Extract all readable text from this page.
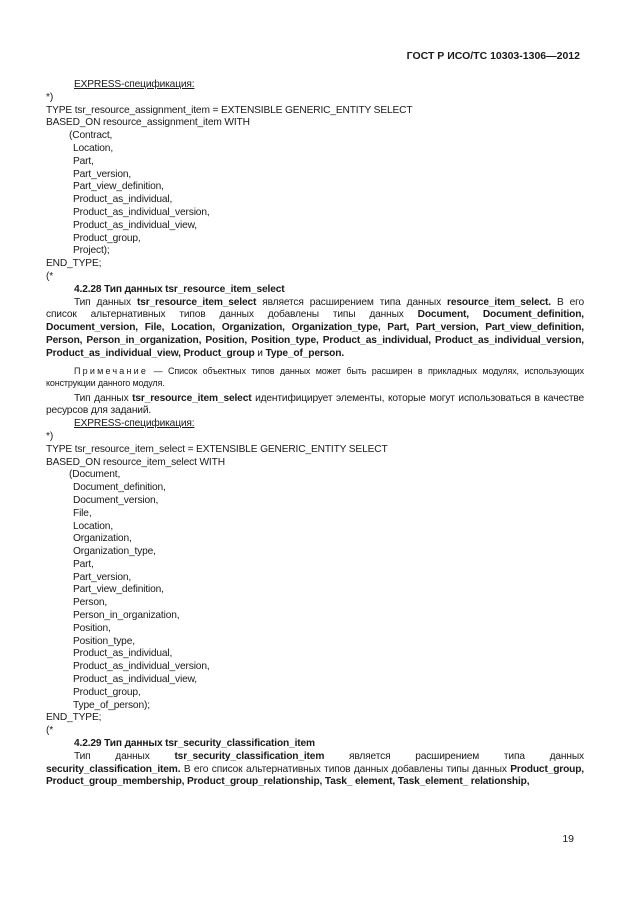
ГОСТ Р ИСО/ТС 10303-1306—2012
EXPRESS-спецификация:
*)
TYPE tsr_resource_assignment_item = EXTENSIBLE GENERIC_ENTITY SELECT
BASED_ON resource_assignment_item WITH
(Contract,
Location,
Part,
Part_version,
Part_view_definition,
Product_as_individual,
Product_as_individual_version,
Product_as_individual_view,
Product_group,
Project);
END_TYPE;
(*
4.2.28 Тип данных tsr_resource_item_select
Тип данных tsr_resource_item_select является расширением типа данных resource_item_select. В его список альтернативных типов данных добавлены типы данных Document, Document_definition, Document_version, File, Location, Organization, Organization_type, Part, Part_version, Part_view_definition, Person, Person_in_organization, Position, Position_type, Product_as_individual, Product_as_individual_version, Product_as_individual_view, Product_group и Type_of_person.
Примечание — Список объектных типов данных может быть расширен в прикладных модулях, использующих конструкции данного модуля.
Тип данных tsr_resource_item_select идентифицирует элементы, которые могут использоваться в качестве ресурсов для заданий.
EXPRESS-спецификация:
*)
TYPE tsr_resource_item_select = EXTENSIBLE GENERIC_ENTITY SELECT
BASED_ON resource_item_select WITH
(Document,
Document_definition,
Document_version,
File,
Location,
Organization,
Organization_type,
Part,
Part_version,
Part_view_definition,
Person,
Person_in_organization,
Position,
Position_type,
Product_as_individual,
Product_as_individual_version,
Product_as_individual_view,
Product_group,
Type_of_person);
END_TYPE;
(*
4.2.29 Тип данных tsr_security_classification_item
Тип данных tsr_security_classification_item является расширением типа данных security_classification_item. В его список альтернативных типов данных добавлены типы данных Product_group, Product_group_membership, Product_group_relationship, Task_ element, Task_element_ relationship,
19
